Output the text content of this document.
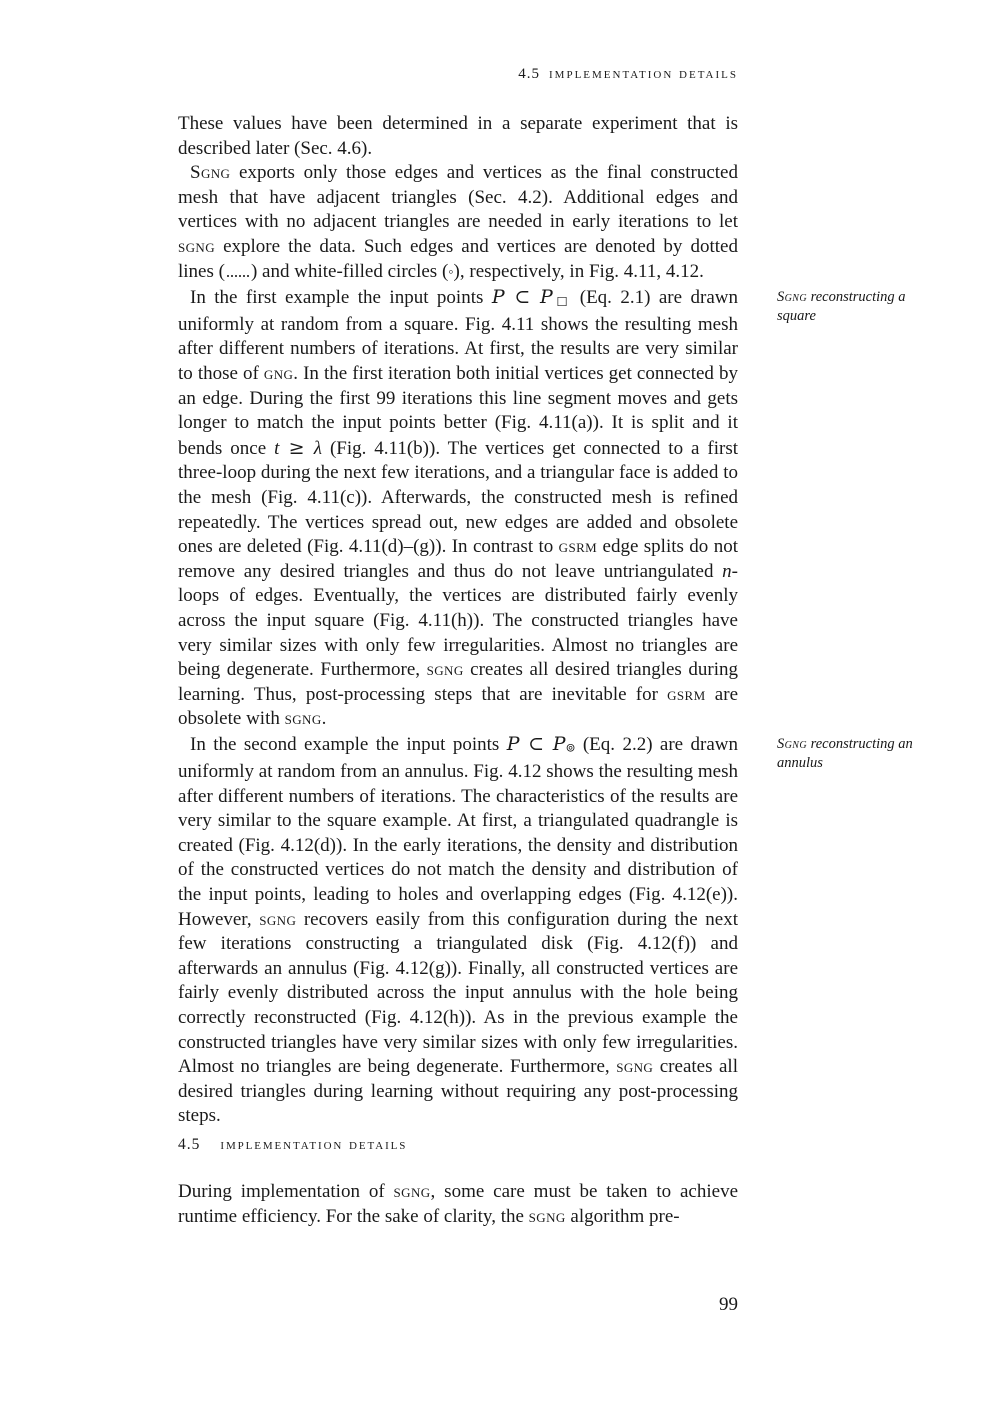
4.5 implementation details

These values have been determined in a separate experiment that is described later (Sec. 4.6).

Sgng exports only those edges and vertices as the final constructed mesh that have adjacent triangles (Sec. 4.2). Additional edges and vertices with no adjacent triangles are needed in early iterations to let sgng explore the data. Such edges and vertices are denoted by dotted lines ( ) and white-filled circles (◦), respectively, in Fig. 4.11, 4.12.

In the first example the input points P ⊂ P□ (Eq. 2.1) are drawn uniformly at random from a square. Fig. 4.11 shows the resulting mesh after different numbers of iterations. At first, the results are very similar to those of gng. In the first iteration both initial vertices get connected by an edge. During the first 99 iterations this line segment moves and gets longer to match the input points better (Fig. 4.11(a)). It is split and it bends once t ≥ λ (Fig. 4.11(b)). The vertices get connected to a first three-loop during the next few iterations, and a triangular face is added to the mesh (Fig. 4.11(c)). Afterwards, the constructed mesh is refined repeatedly. The vertices spread out, new edges are added and obsolete ones are deleted (Fig. 4.11(d)–(g)). In contrast to gsrm edge splits do not remove any desired triangles and thus do not leave untriangulated n-loops of edges. Eventually, the vertices are distributed fairly evenly across the input square (Fig. 4.11(h)). The constructed triangles have very similar sizes with only few irregularities. Almost no triangles are being degenerate. Furthermore, sgng creates all desired triangles during learning. Thus, post-processing steps that are inevitable for gsrm are obsolete with sgng.

Sgng reconstructing a square

In the second example the input points P ⊂ P⊚ (Eq. 2.2) are drawn uniformly at random from an annulus. Fig. 4.12 shows the resulting mesh after different numbers of iterations. The characteristics of the results are very similar to the square example. At first, a triangulated quadrangle is created (Fig. 4.12(d)). In the early iterations, the density and distribution of the constructed vertices do not match the density and distribution of the input points, leading to holes and overlapping edges (Fig. 4.12(e)). However, sgng recovers easily from this configuration during the next few iterations constructing a triangulated disk (Fig. 4.12(f)) and afterwards an annulus (Fig. 4.12(g)). Finally, all constructed vertices are fairly evenly distributed across the input annulus with the hole being correctly reconstructed (Fig. 4.12(h)). As in the previous example the constructed triangles have very similar sizes with only few irregularities. Almost no triangles are being degenerate. Furthermore, sgng creates all desired triangles during learning without requiring any post-processing steps.

Sgng reconstructing an annulus
4.5 implementation details

During implementation of sgng, some care must be taken to achieve runtime efficiency. For the sake of clarity, the sgng algorithm pre-

99
